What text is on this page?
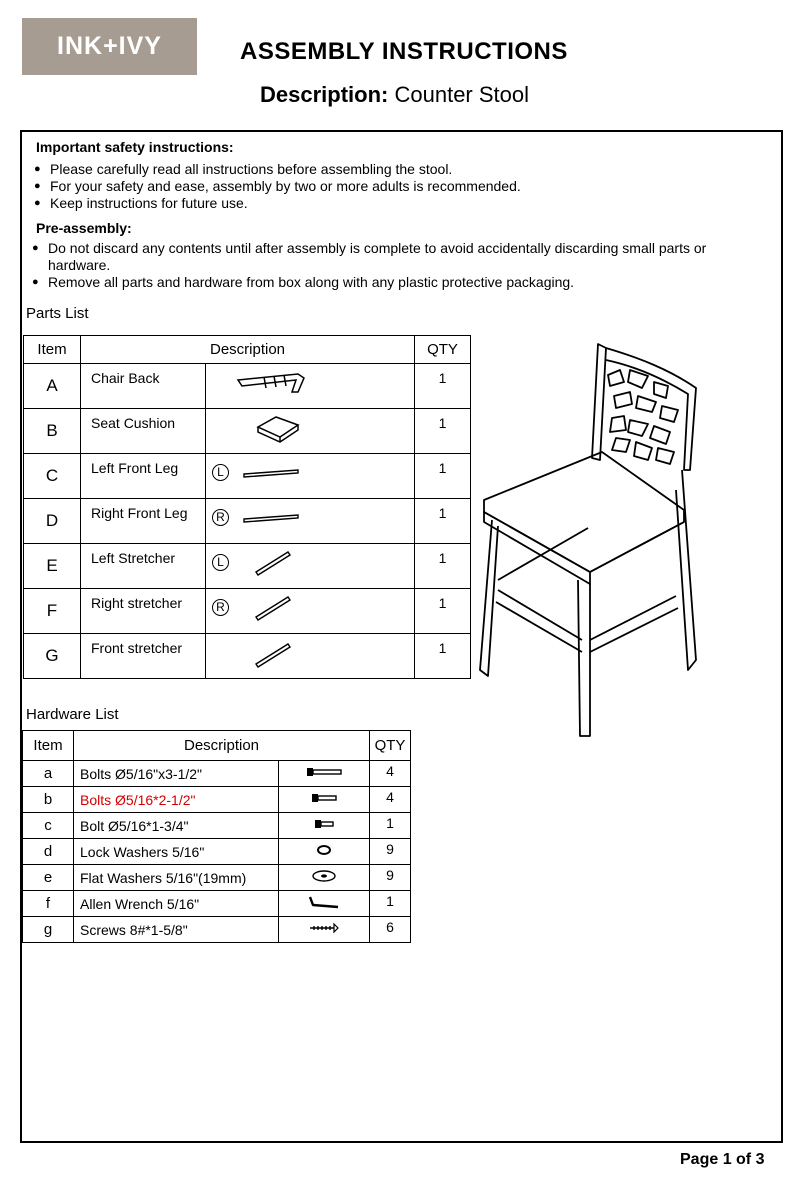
INK+IVY	ASSEMBLY INSTRUCTIONS
Description: Counter Stool
Important safety instructions:
● Please carefully read all instructions before assembling the stool.
● For your safety and ease, assembly by two or more adults is recommended.
● Keep instructions for future use.
Pre-assembly:
● Do not discard any contents until after assembly is complete to avoid accidentally discarding small parts or hardware.
● Remove all parts and hardware from box along with any plastic protective packaging.
Parts List
Item	Description		QTY
A	Chair Back		1
B	Seat Cushion		1
C	Left Front Leg	L	1
D	Right Front Leg	R	1
E	Left Stretcher	L	1
F	Right stretcher	R	1
G	Front stretcher		1
Hardware List
Item	Description		QTY
a	Bolts Ø5/16"x3-1/2"		4
b	Bolts Ø5/16*2-1/2"		4
c	Bolt Ø5/16*1-3/4"		1
d	Lock Washers 5/16"		9
e	Flat Washers 5/16"(19mm)		9
f	Allen Wrench 5/16"		1
g	Screws 8#*1-5/8"		6
Page 1 of 3
